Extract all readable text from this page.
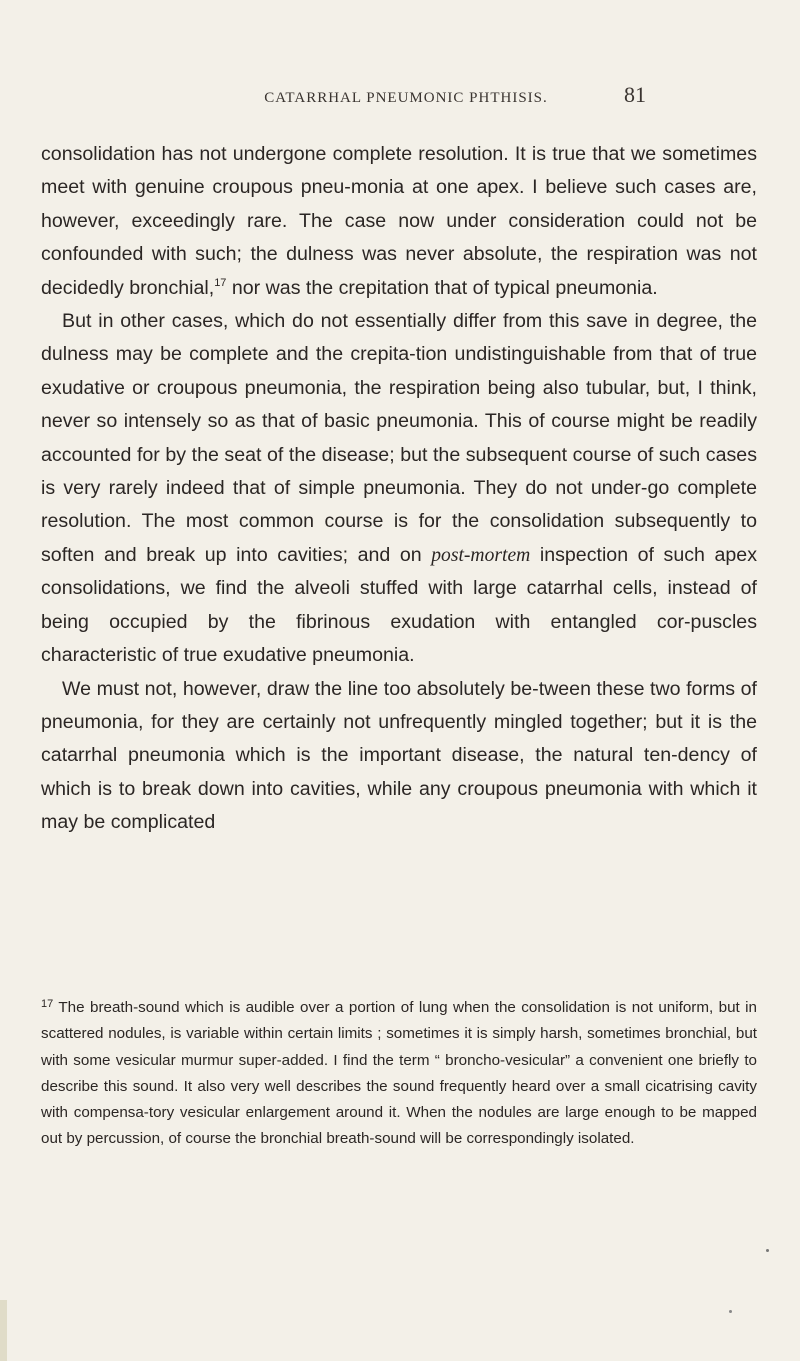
CATARRHAL PNEUMONIC PHTHISIS.	81

consolidation has not undergone complete resolution. It is true that we sometimes meet with genuine croupous pneu-monia at one apex. I believe such cases are, however, exceedingly rare. The case now under consideration could not be confounded with such; the dulness was never absolute, the respiration was not decidedly bronchial,$^{17}$ nor was the crepitation that of typical pneumonia.

But in other cases, which do not essentially differ from this save in degree, the dulness may be complete and the crepita-tion undistinguishable from that of true exudative or croupous pneumonia, the respiration being also tubular, but, I think, never so intensely so as that of basic pneumonia. This of course might be readily accounted for by the seat of the disease; but the subsequent course of such cases is very rarely indeed that of simple pneumonia. They do not under-go complete resolution. The most common course is for the consolidation subsequently to soften and break up into cavities; and on post-mortem inspection of such apex consolidations, we find the alveoli stuffed with large catarrhal cells, instead of being occupied by the fibrinous exudation with entangled cor-puscles characteristic of true exudative pneumonia.

We must not, however, draw the line too absolutely be-tween these two forms of pneumonia, for they are certainly not unfrequently mingled together; but it is the catarrhal pneumonia which is the important disease, the natural ten-dency of which is to break down into cavities, while any croupous pneumonia with which it may be complicated

$^{17}$ The breath-sound which is audible over a portion of lung when the consolidation is not uniform, but in scattered nodules, is variable within certain limits ; sometimes it is simply harsh, sometimes bronchial, but with some vesicular murmur super-added. I find the term “ broncho-vesicular” a convenient one briefly to describe this sound. It also very well describes the sound frequently heard over a small cicatrising cavity with compensa-tory vesicular enlargement around it. When the nodules are large enough to be mapped out by percussion, of course the bronchial breath-sound will be correspondingly isolated.
